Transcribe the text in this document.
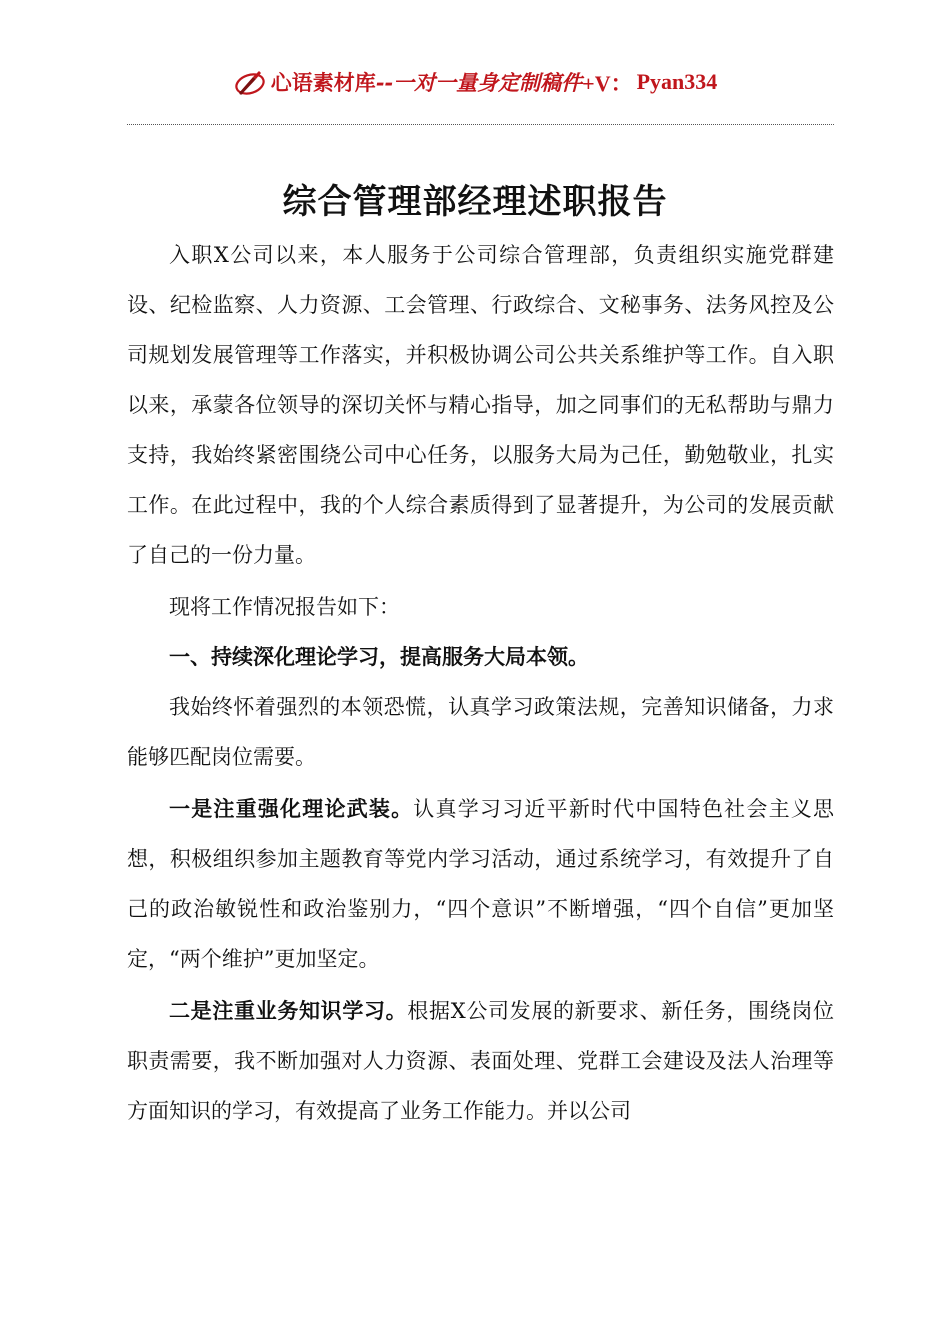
心语素材库 --一对一量身定制稿件 +V： Pyan334
综合管理部经理述职报告

入职X公司以来，本人服务于公司综合管理部，负责组织实施党群建设、纪检监察、人力资源、工会管理、行政综合、文秘事务、法务风控及公司规划发展管理等工作落实，并积极协调公司公共关系维护等工作。自入职以来，承蒙各位领导的深切关怀与精心指导，加之同事们的无私帮助与鼎力支持，我始终紧密围绕公司中心任务，以服务大局为己任，勤勉敬业，扎实工作。在此过程中，我的个人综合素质得到了显著提升，为公司的发展贡献了自己的一份力量。

现将工作情况报告如下：

一、持续深化理论学习，提高服务大局本领。

我始终怀着强烈的本领恐慌，认真学习政策法规，完善知识储备，力求能够匹配岗位需要。

一是注重强化理论武装。认真学习习近平新时代中国特色社会主义思想，积极组织参加主题教育等党内学习活动，通过系统学习，有效提升了自己的政治敏锐性和政治鉴别力，“四个意识”不断增强，“四个自信”更加坚定，“两个维护”更加坚定。

二是注重业务知识学习。根据X公司发展的新要求、新任务，围绕岗位职责需要，我不断加强对人力资源、表面处理、党群工会建设及法人治理等方面知识的学习，有效提高了业务工作能力。并以公司
